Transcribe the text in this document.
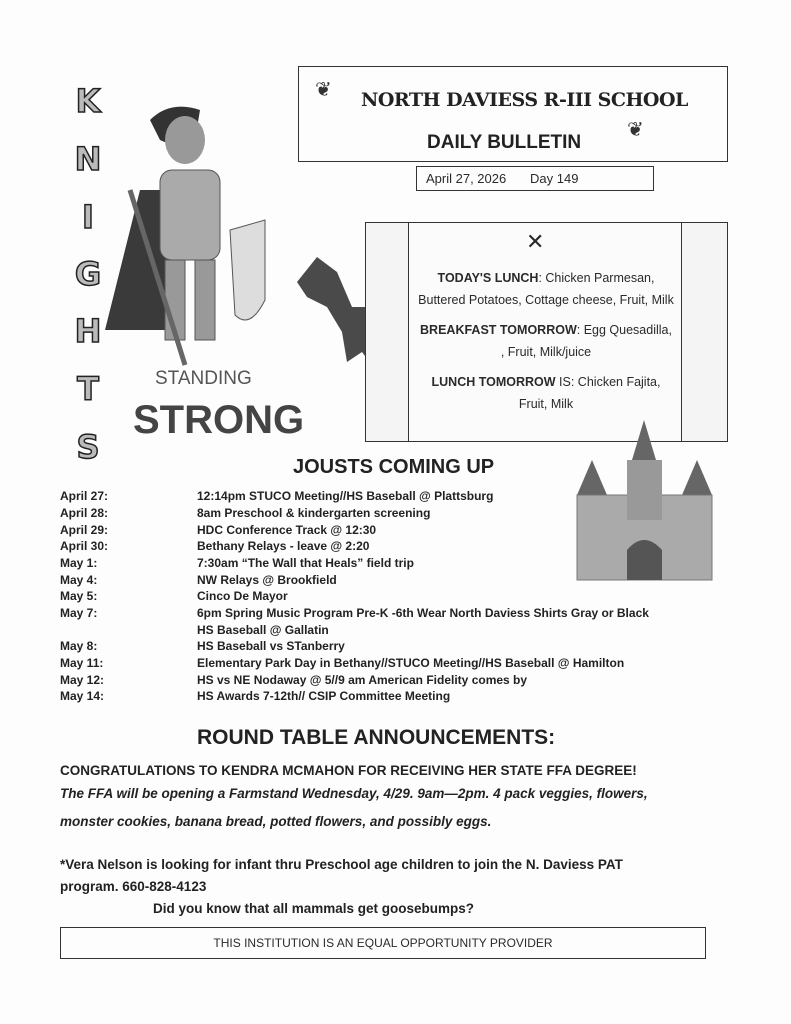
K
N
I
G
H
T
S
STANDING
STRONG
❦ NORTH DAVIESS R-III SCHOOL
DAILY BULLETIN
❦
April 27, 2026 Day 149
✕

TODAY'S LUNCH: Chicken Parmesan, Buttered Potatoes, Cottage cheese, Fruit, Milk

BREAKFAST TOMORROW: Egg Quesadilla, , Fruit, Milk/juice

LUNCH TOMORROW IS: Chicken Fajita, Fruit, Milk

JOUSTS COMING UP
April 27:	12:14pm STUCO Meeting//HS Baseball @ Plattsburg
April 28:	8am Preschool & kindergarten screening
April 29:	HDC Conference Track @ 12:30
April 30:	Bethany Relays - leave @ 2:20
May 1:	7:30am “The Wall that Heals” field trip
May 4:	NW Relays @ Brookfield
May 5:	Cinco De Mayor
May 7:	6pm Spring Music Program Pre-K -6th Wear North Daviess Shirts Gray or Black
HS Baseball @ Gallatin
May 8:	HS Baseball vs STanberry
May 11:	Elementary Park Day in Bethany//STUCO Meeting//HS Baseball @ Hamilton
May 12:	HS vs NE Nodaway @ 5//9 am American Fidelity comes by
May 14:	HS Awards 7-12th// CSIP Committee Meeting
ROUND TABLE ANNOUNCEMENTS:
CONGRATULATIONS TO KENDRA MCMAHON FOR RECEIVING HER STATE FFA DEGREE!
The FFA will be opening a Farmstand Wednesday, 4/29. 9am—2pm. 4 pack veggies, flowers,
monster cookies, banana bread, potted flowers, and possibly eggs.
*Vera Nelson is looking for infant thru Preschool age children to join the N. Daviess PAT
program. 660-828-4123
Did you know that all mammals get goosebumps?
THIS INSTITUTION IS AN EQUAL OPPORTUNITY PROVIDER
